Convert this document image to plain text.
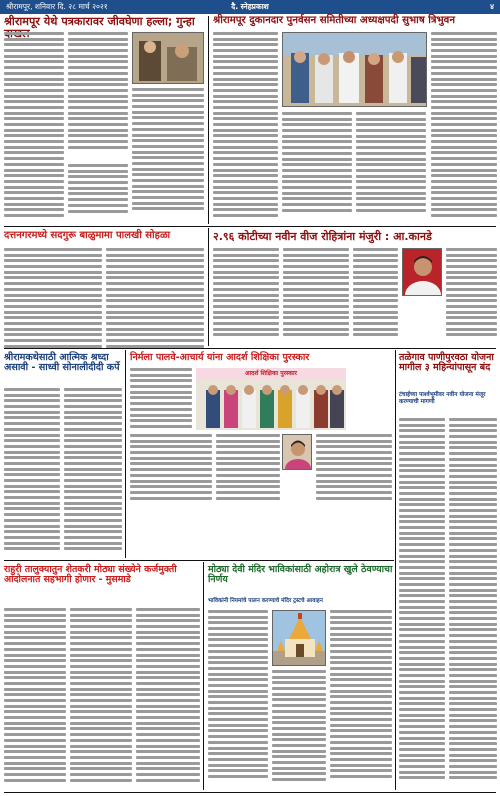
श्रीरामपूर, शनिवार दि. २८ मार्च २०२१	दै. स्नेहप्रकाश	४
श्रीरामपूर येथे पत्रकारावर जीवघेणा हल्ला; गुन्हा	श्रीरामपूर दुकानदार पुनर्वसन समितीच्या अध्यक्षपदी सुभाष त्रिभुवन
दत्तनगरमध्ये सदगुरू बाळुमामा पालखी सोहळा	२.९६ कोटीच्या नवीन वीज रोहित्रांना मंजुरी : आ.कानडे
श्रीरामकथेसाठी आत्मिक श्रध्दा असावी - साध्वी सोनालीदीदी कर्पे
निर्मला पालवे-आचार्य यांना आदर्श शिक्षिका पुरस्कार
आदर्श शिक्षिका पुरस्कार
तळेगाव पाणीपुरवठा योजना मागील ३ महिन्यांपासून बंद
टंचाईच्या पार्श्वभूमीवर नवीन योजना मंजूर करण्याची मागणी
राहुरी तालुक्यातुन शेतकरी मोठ्या संख्येने कर्जमुक्ती आंदोलनात सहभागी होणार - मुसमाडे
मोठ्या देवी मंदिर भाविकांसाठी अहोरात्र खुले ठेवण्याचा निर्णय
भाविकांनी नियमांचे पालन करण्याचे मंदिर ट्रस्टचे आवाहन
